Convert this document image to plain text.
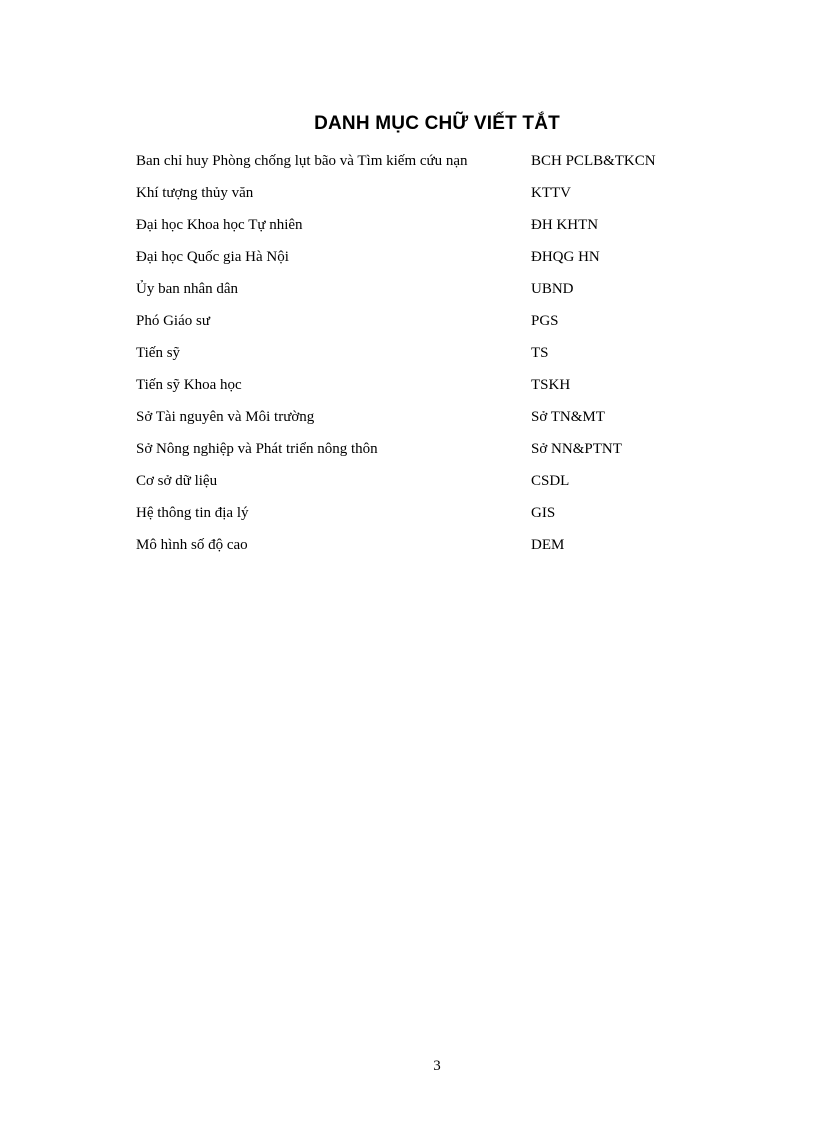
DANH MỤC CHỮ VIẾT TẮT
Ban chỉ huy Phòng chống lụt bão và Tìm kiếm cứu nạn	BCH PCLB&TKCN
Khí tượng thủy văn	KTTV
Đại học Khoa học Tự nhiên	ĐH KHTN
Đại học Quốc gia Hà Nội	ĐHQG HN
Ủy ban nhân dân	UBND
Phó Giáo sư	PGS
Tiến sỹ	TS
Tiến sỹ Khoa học	TSKH
Sở Tài nguyên và Môi trường	Sở TN&MT
Sở Nông nghiệp và Phát triển nông thôn	Sở NN&PTNT
Cơ sở dữ liệu	CSDL
Hệ thông tin địa lý	GIS
Mô hình số độ cao	DEM
3
